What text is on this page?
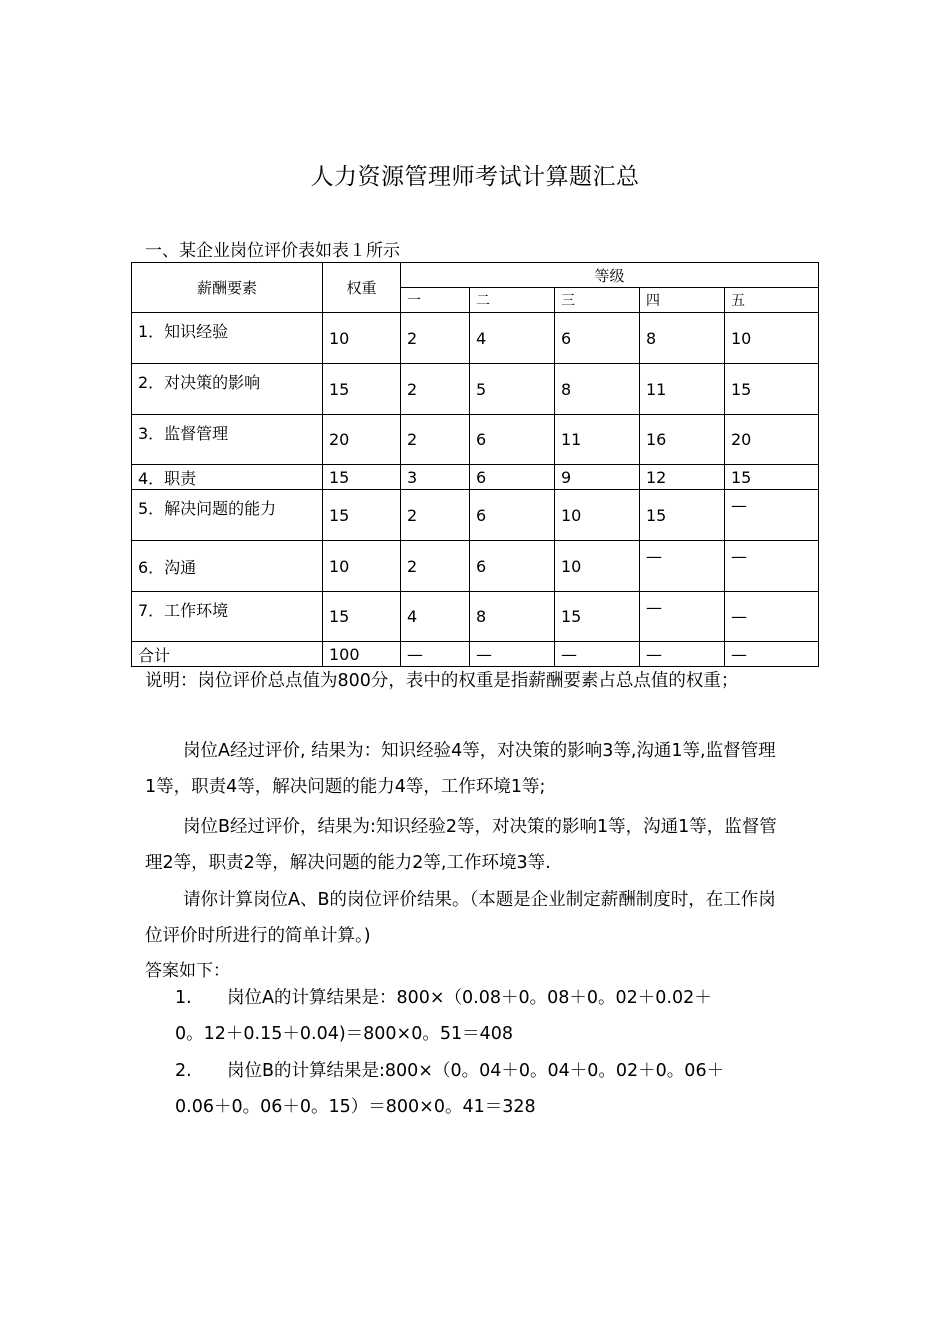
人力资源管理师考试计算题汇总
一、某企业岗位评价表如表１所示
薪酬要素	权重	等级				
		一	二	三	四	五
1．知识经验	10	2	4	6	8	10
2．对决策的影响	15	2	5	8	11	15
3．监督管理	20	2	6	11	16	20
4．职责	15	3	6	9	12	15
5．解决问题的能力	15	2	6	10	15	—
6．沟通	10	2	6	10	—	—
7．工作环境	15	4	8	15	—	—
合计	100	—	—	—	—	—
说明：岗位评价总点值为800分，表中的权重是指薪酬要素占总点值的权重；
岗位A经过评价, 结果为：知识经验4等，对决策的影响3等,沟通1等,监督管理1等，职责4等，解决问题的能力4等，工作环境1等;
岗位B经过评价，结果为:知识经验2等，对决策的影响1等，沟通1等，监督管理2等，职责2等，解决问题的能力2等,工作环境3等.
请你计算岗位A、B的岗位评价结果。（本题是企业制定薪酬制度时，在工作岗位评价时所进行的简单计算。)
答案如下：
1. 岗位A的计算结果是：800×（0.08＋0。08＋0。02＋0.02＋
0。12＋0.15＋0.04)＝800×0。51＝408
2. 岗位B的计算结果是:800×（0。04＋0。04＋0。02＋0。06＋
0.06＋0。06＋0。15）＝800×0。41＝328
